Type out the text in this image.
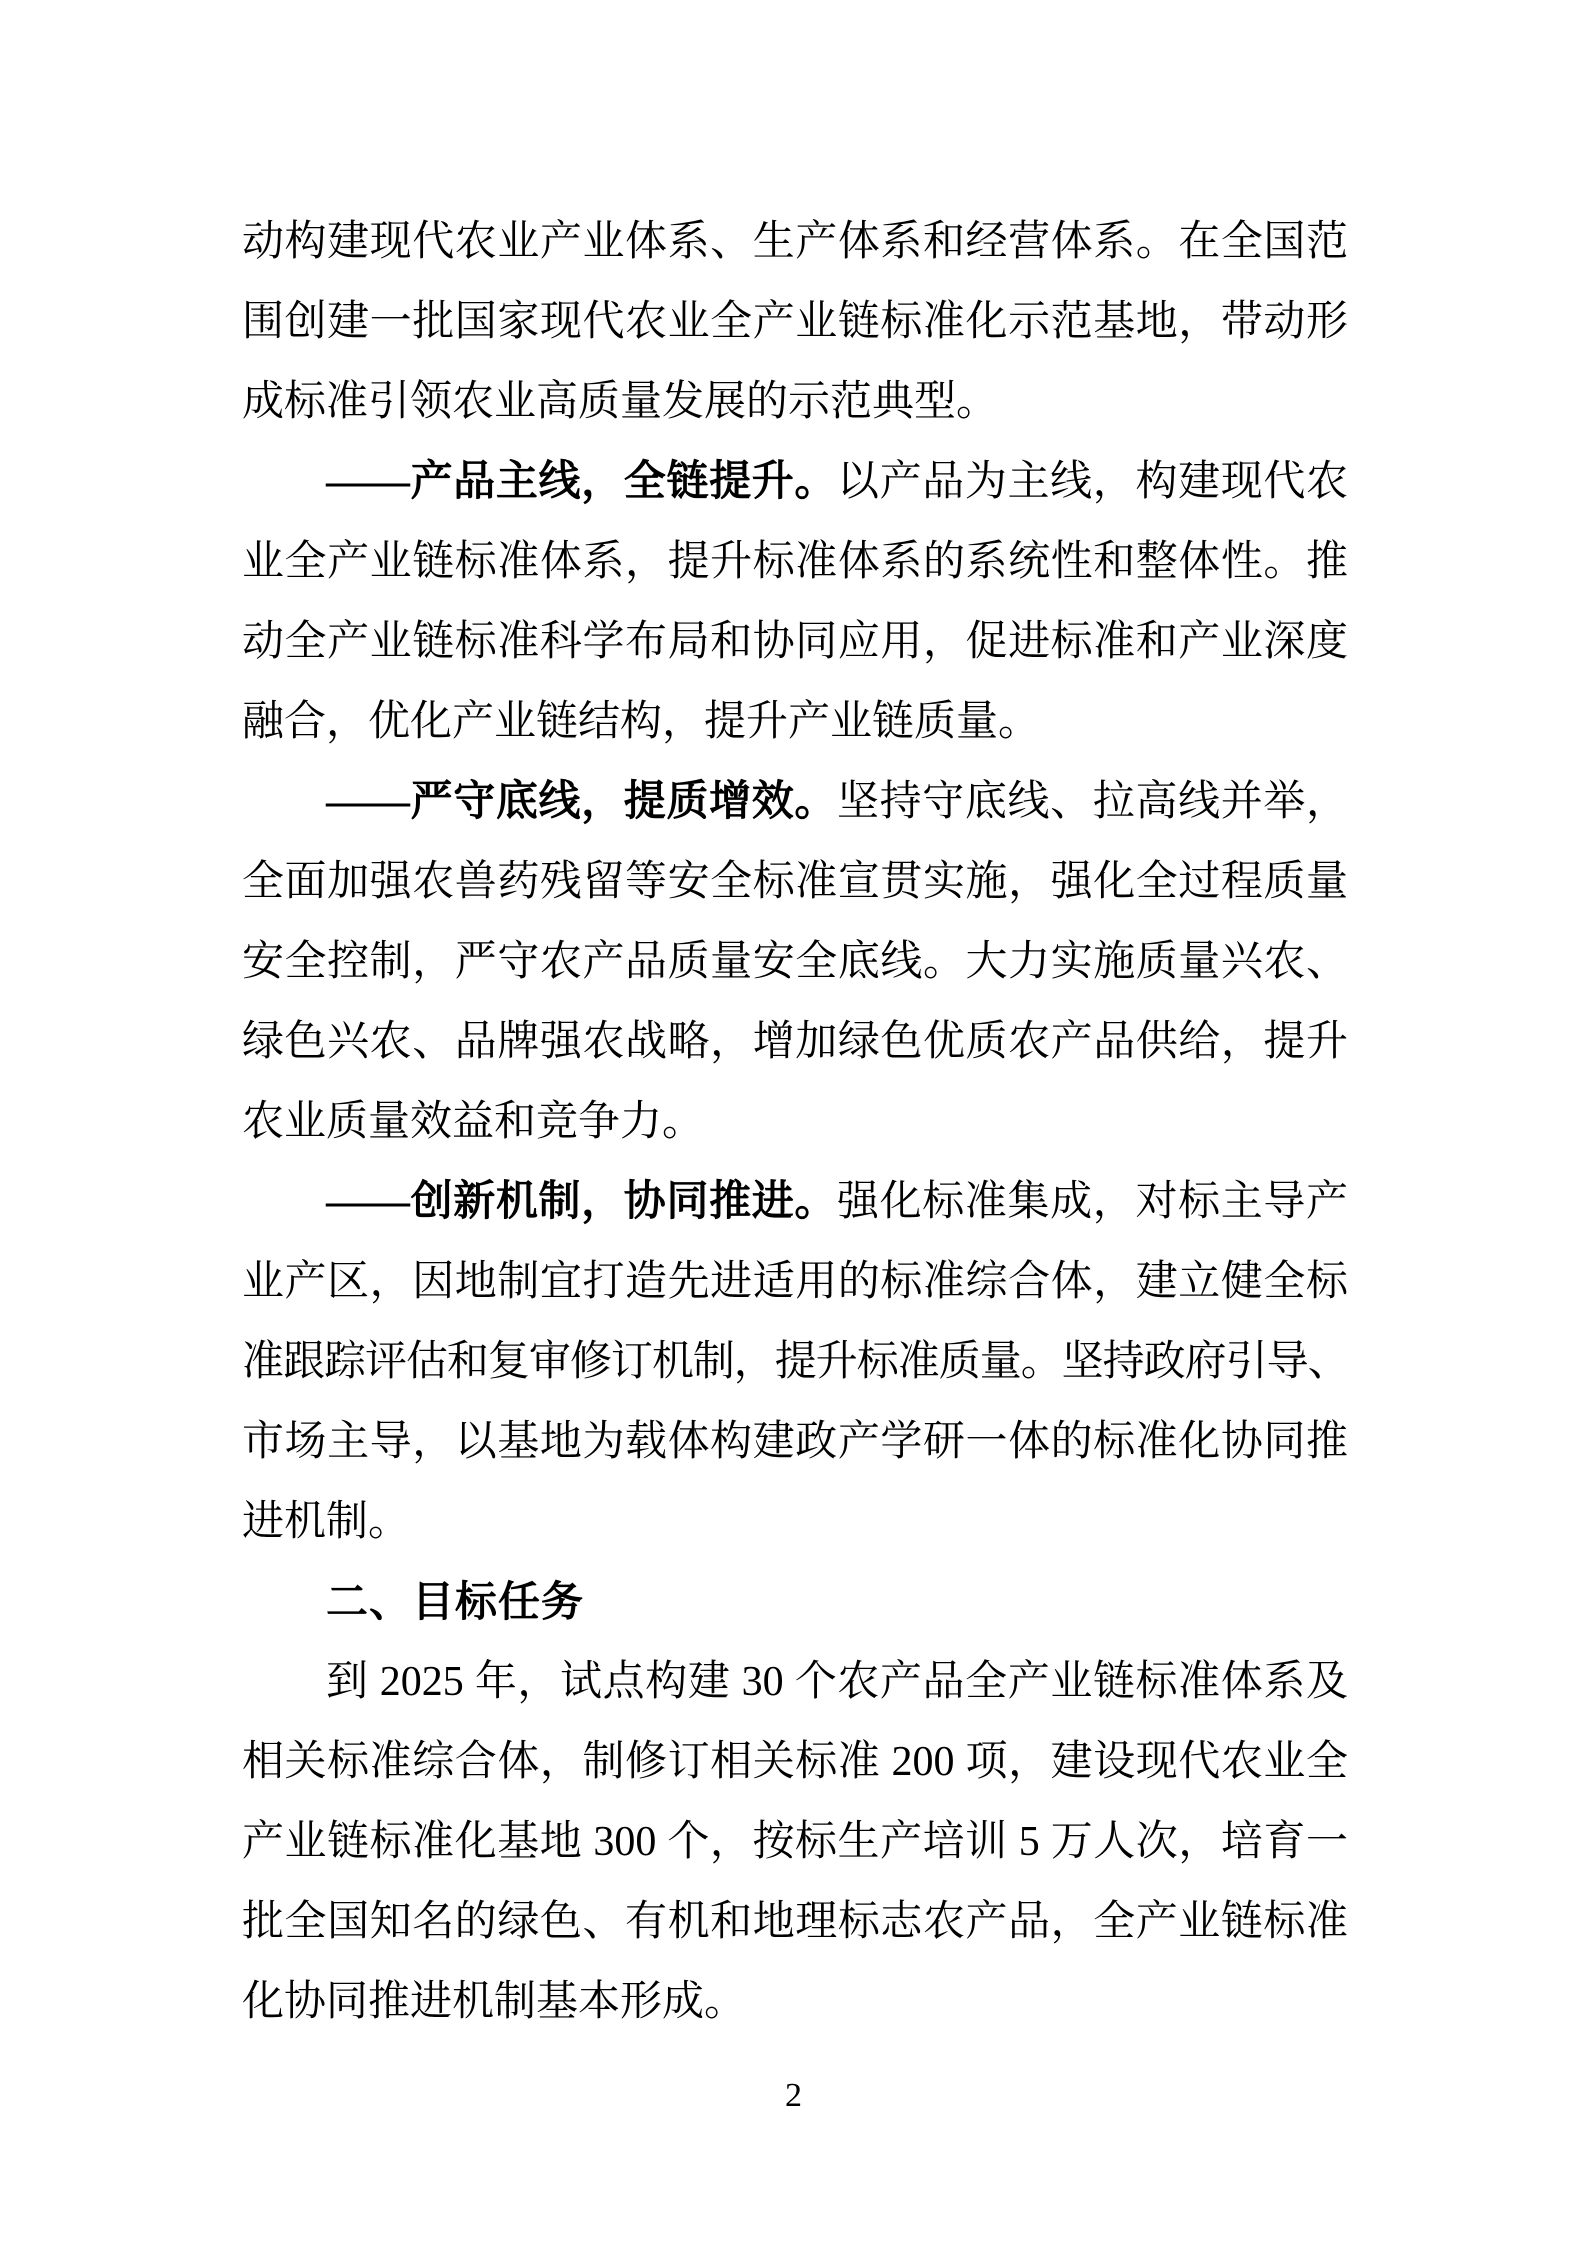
动构建现代农业产业体系、生产体系和经营体系。在全国范
围创建一批国家现代农业全产业链标准化示范基地，带动形
成标准引领农业高质量发展的示范典型。
——产品主线，全链提升。以产品为主线，构建现代农
业全产业链标准体系，提升标准体系的系统性和整体性。推
动全产业链标准科学布局和协同应用，促进标准和产业深度
融合，优化产业链结构，提升产业链质量。
——严守底线，提质增效。坚持守底线、拉高线并举，
全面加强农兽药残留等安全标准宣贯实施，强化全过程质量
安全控制，严守农产品质量安全底线。大力实施质量兴农、
绿色兴农、品牌强农战略，增加绿色优质农产品供给，提升
农业质量效益和竞争力。
——创新机制，协同推进。强化标准集成，对标主导产
业产区，因地制宜打造先进适用的标准综合体，建立健全标
准跟踪评估和复审修订机制，提升标准质量。坚持政府引导、
市场主导，以基地为载体构建政产学研一体的标准化协同推
进机制。
二、目标任务
到 2025 年，试点构建 30 个农产品全产业链标准体系及
相关标准综合体，制修订相关标准 200 项，建设现代农业全
产业链标准化基地 300 个，按标生产培训 5 万人次，培育一
批全国知名的绿色、有机和地理标志农产品，全产业链标准
化协同推进机制基本形成。
2
